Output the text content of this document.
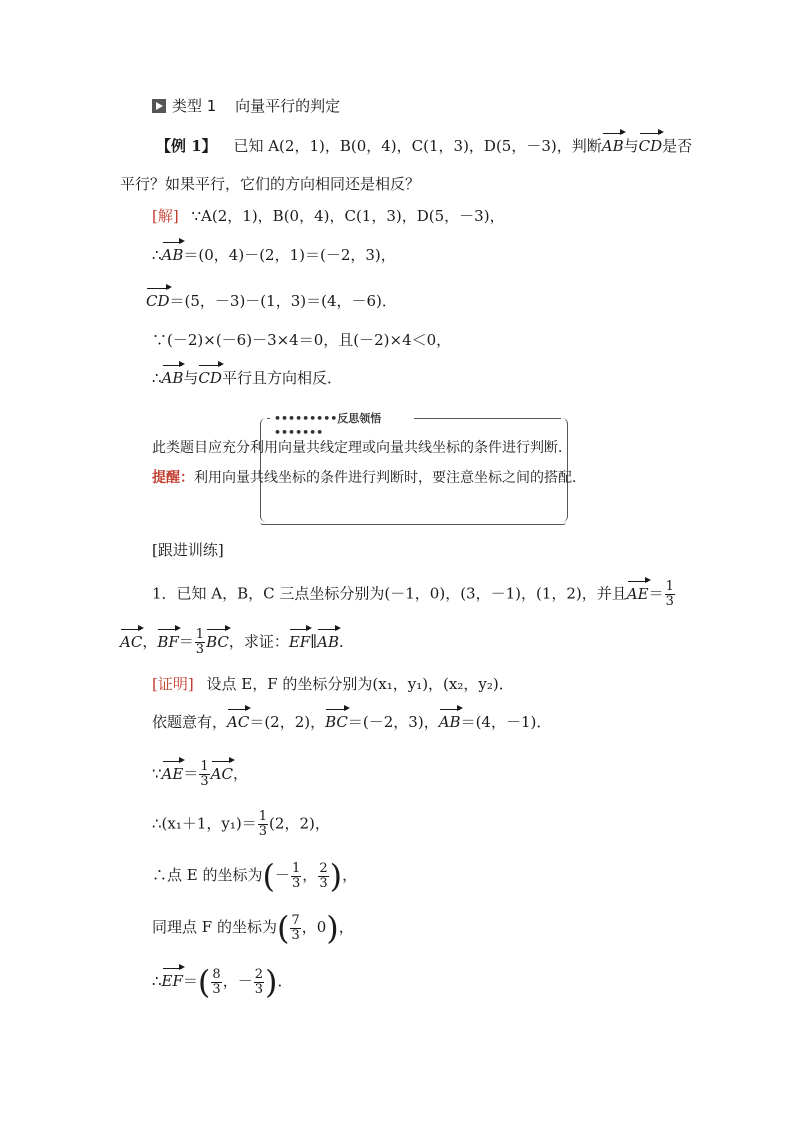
类型 1 向量平行的判定
【例 1】 已知 A(2，1)，B(0，4)，C(1，3)，D(5，－3)，判断AB与CD是否
平行？如果平行，它们的方向相同还是相反？
[解] ∵A(2，1)，B(0，4)，C(1，3)，D(5，－3)，
∴AB＝(0，4)－(2，1)＝(－2，3)，
CD＝(5，－3)－(1，3)＝(4，－6)．
∵(－2)×(－6)－3×4＝0，且(－2)×4＜0，
∴AB与CD平行且方向相反．
•••••••••反思领悟•••••••
此类题目应充分利用向量共线定理或向量共线坐标的条件进行判断．
提醒：利用向量共线坐标的条件进行判断时，要注意坐标之间的搭配．
[跟进训练]
1．已知 A，B，C 三点坐标分别为(－1，0)，(3，－1)，(1，2)，并且$AE= \frac{1}{3}$
AC，$BF= \frac{1}{3}$ BC，求证：EF∥AB．
[证明] 设点 E，F 的坐标分别为(x₁，y₁)，(x₂，y₂)．
依题意有，AC＝(2，2)，BC＝(－2，3)，AB＝(4，－1)．
∵AE＝ $\frac{1}{3}$ AC，
∴(x₁＋1，$y_1)= \frac{1}{3} (2$，2)，
∴点 E 的坐标为(－ $\frac{1}{3}$ ， $\frac{2}{3}$ )，
同理点 F 的坐标为( $\frac{7}{3}$ ，0)，
∴EF＝( $\frac{8}{3}$ ，－ $\frac{2}{3}$ )．
